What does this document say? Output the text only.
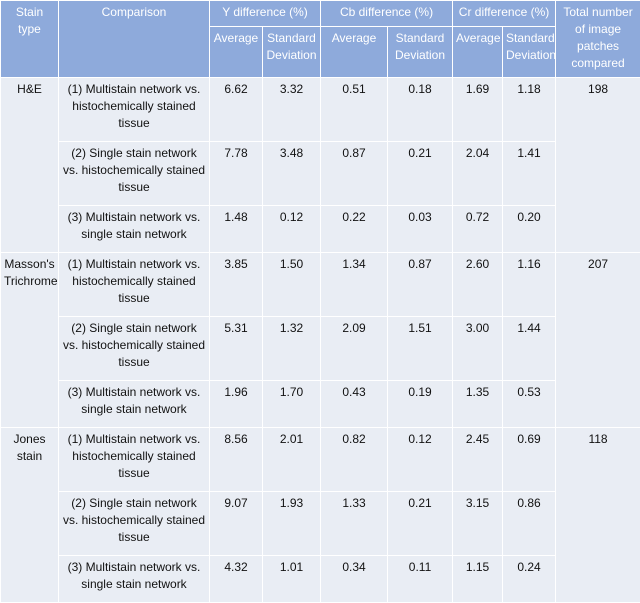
Stain type	Comparison	Y difference (%)		Cb difference (%)		Cr difference (%)		Total number of image patches compared
		Average	Standard Deviation	Average	Standard Deviation	Average	Standard Deviation	
H&E	(1) Multistain network vs. histochemically stained tissue	6.62	3.32	0.51	0.18	1.69	1.18	198
	(2) Single stain network vs. histochemically stained tissue	7.78	3.48	0.87	0.21	2.04	1.41	
	(3) Multistain network vs. single stain network	1.48	0.12	0.22	0.03	0.72	0.20	
Masson's Trichrome	(1) Multistain network vs. histochemically stained tissue	3.85	1.50	1.34	0.87	2.60	1.16	207
	(2) Single stain network vs. histochemically stained tissue	5.31	1.32	2.09	1.51	3.00	1.44	
	(3) Multistain network vs. single stain network	1.96	1.70	0.43	0.19	1.35	0.53	
Jones stain	(1) Multistain network vs. histochemically stained tissue	8.56	2.01	0.82	0.12	2.45	0.69	118
	(2) Single stain network vs. histochemically stained tissue	9.07	1.93	1.33	0.21	3.15	0.86	
	(3) Multistain network vs. single stain network	4.32	1.01	0.34	0.11	1.15	0.24	
